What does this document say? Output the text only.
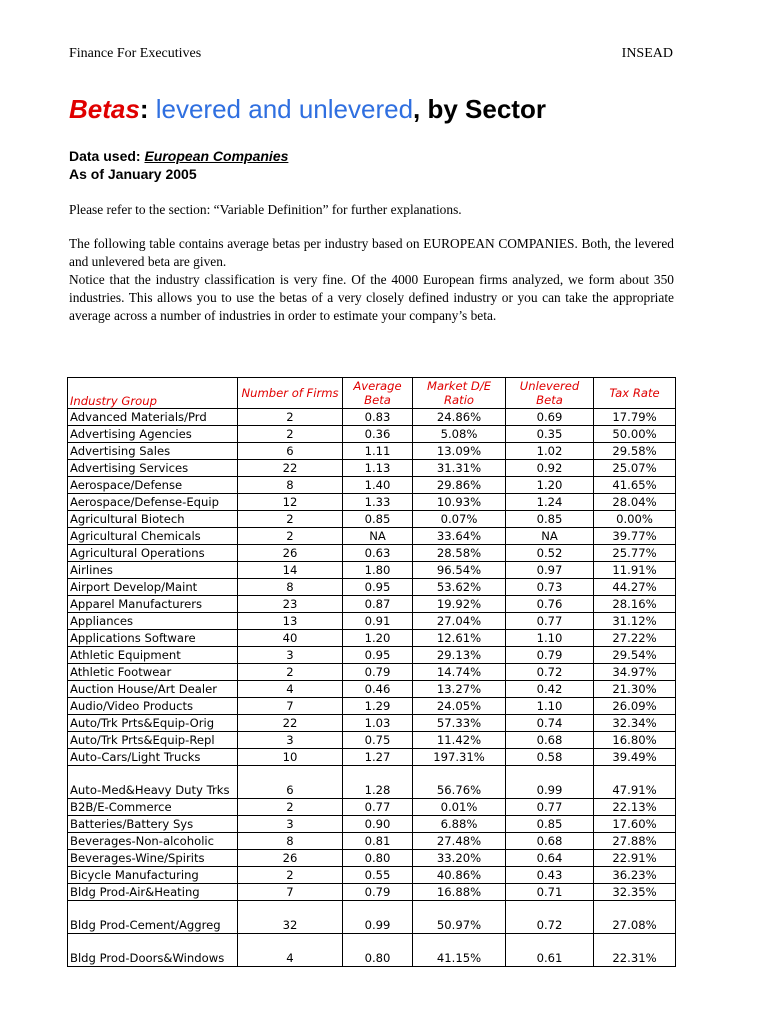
Finance For Executives	INSEAD
Betas: levered and unlevered, by Sector
Data used: European Companies
As of January 2005
Please refer to the section: “Variable Definition” for further explanations.
The following table contains average betas per industry based on EUROPEAN COMPANIES. Both, the levered and unlevered beta are given.
Notice that the industry classification is very fine. Of the 4000 European firms analyzed, we form about 350 industries. This allows you to use the betas of a very closely defined industry or you can take the appropriate average across a number of industries in order to estimate your company’s beta.
Industry Group	Number of Firms	Average Beta	Market D/E Ratio	Unlevered Beta	Tax Rate
Advanced Materials/Prd	2	0.83	24.86%	0.69	17.79%
Advertising Agencies	2	0.36	5.08%	0.35	50.00%
Advertising Sales	6	1.11	13.09%	1.02	29.58%
Advertising Services	22	1.13	31.31%	0.92	25.07%
Aerospace/Defense	8	1.40	29.86%	1.20	41.65%
Aerospace/Defense-Equip	12	1.33	10.93%	1.24	28.04%
Agricultural Biotech	2	0.85	0.07%	0.85	0.00%
Agricultural Chemicals	2	NA	33.64%	NA	39.77%
Agricultural Operations	26	0.63	28.58%	0.52	25.77%
Airlines	14	1.80	96.54%	0.97	11.91%
Airport Develop/Maint	8	0.95	53.62%	0.73	44.27%
Apparel Manufacturers	23	0.87	19.92%	0.76	28.16%
Appliances	13	0.91	27.04%	0.77	31.12%
Applications Software	40	1.20	12.61%	1.10	27.22%
Athletic Equipment	3	0.95	29.13%	0.79	29.54%
Athletic Footwear	2	0.79	14.74%	0.72	34.97%
Auction House/Art Dealer	4	0.46	13.27%	0.42	21.30%
Audio/Video Products	7	1.29	24.05%	1.10	26.09%
Auto/Trk Prts&Equip-Orig	22	1.03	57.33%	0.74	32.34%
Auto/Trk Prts&Equip-Repl	3	0.75	11.42%	0.68	16.80%
Auto-Cars/Light Trucks	10	1.27	197.31%	0.58	39.49%
Auto-Med&Heavy Duty Trks	6	1.28	56.76%	0.99	47.91%
B2B/E-Commerce	2	0.77	0.01%	0.77	22.13%
Batteries/Battery Sys	3	0.90	6.88%	0.85	17.60%
Beverages-Non-alcoholic	8	0.81	27.48%	0.68	27.88%
Beverages-Wine/Spirits	26	0.80	33.20%	0.64	22.91%
Bicycle Manufacturing	2	0.55	40.86%	0.43	36.23%
Bldg Prod-Air&Heating	7	0.79	16.88%	0.71	32.35%
Bldg Prod-Cement/Aggreg	32	0.99	50.97%	0.72	27.08%
Bldg Prod-Doors&Windows	4	0.80	41.15%	0.61	22.31%
